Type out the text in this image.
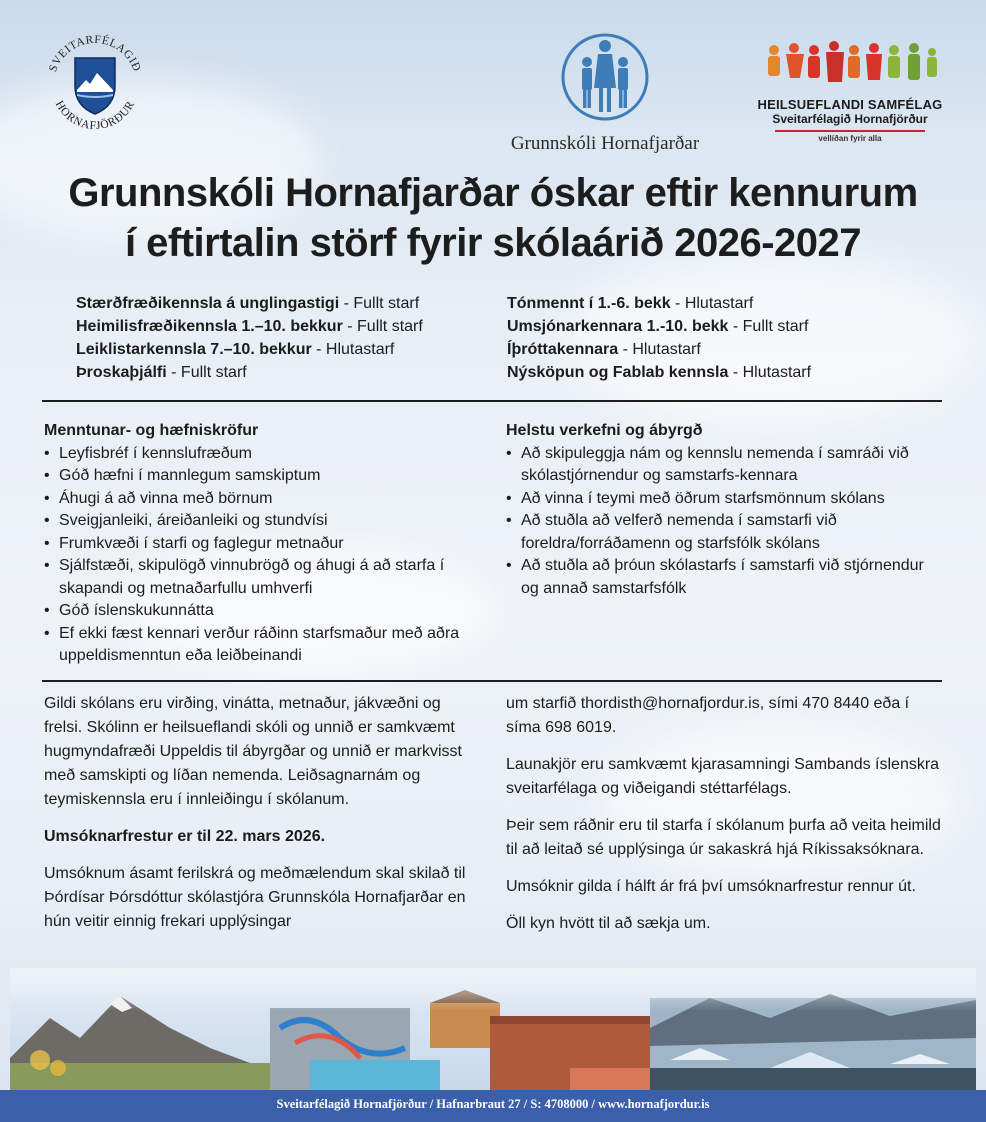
SVEITARFÉLAGIÐ
HORNAFJÖRÐUR
Grunnskóli Hornafjarðar
HEILSUEFLANDI SAMFÉLAG
Sveitarfélagið Hornafjörður
vellíðan fyrir alla
Grunnskóli Hornafjarðar óskar eftir kennurum
í eftirtalin störf fyrir skólaárið 2026-2027
Stærðfræðikennsla á unglingastigi - Fullt starf
Heimilisfræðikennsla 1.–10. bekkur - Fullt starf
Leiklistarkennsla 7.–10. bekkur - Hlutastarf
Þroskaþjálfi - Fullt starf
Tónmennt í 1.-6. bekk - Hlutastarf
Umsjónarkennara 1.-10. bekk - Fullt starf
Íþróttakennara - Hlutastarf
Nýsköpun og Fablab kennsla - Hlutastarf
Menntunar- og hæfniskröfur
• Leyfisbréf í kennslufræðum
• Góð hæfni í mannlegum samskiptum
• Áhugi á að vinna með börnum
• Sveigjanleiki, áreiðanleiki og stundvísi
• Frumkvæði í starfi og faglegur metnaður
• Sjálfstæði, skipulögð vinnubrögð og áhugi á að starfa í skapandi og metnaðarfullu umhverfi
• Góð íslenskukunnátta
• Ef ekki fæst kennari verður ráðinn starfsmaður með aðra uppeldismenntun eða leiðbeinandi
Helstu verkefni og ábyrgð
• Að skipuleggja nám og kennslu nemenda í samráði við skólastjórnendur og samstarfs-kennara
• Að vinna í teymi með öðrum starfsmönnum skólans
• Að stuðla að velferð nemenda í samstarfi við foreldra/forráðamenn og starfsfólk skólans
• Að stuðla að þróun skólastarfs í samstarfi við stjórnendur og annað samstarfsfólk

Gildi skólans eru virðing, vinátta, metnaður, jákvæðni og frelsi. Skólinn er heilsueflandi skóli og unnið er samkvæmt hugmyndafræði Uppeldis til ábyrgðar og unnið er markvisst með samskipti og líðan nemenda. Leiðsagnarnám og teymiskennsla eru í innleiðingu í skólanum.

Umsóknarfrestur er til 22. mars 2026.

Umsóknum ásamt ferilskrá og meðmælendum skal skilað til Þórdísar Þórsdóttur skólastjóra Grunnskóla Hornafjarðar en hún veitir einnig frekari upplýsingar

um starfið thordisth@hornafjordur.is, sími 470 8440 eða í síma 698 6019.

Launakjör eru samkvæmt kjarasamningi Sambands íslenskra sveitarfélaga og viðeigandi stéttarfélags.

Þeir sem ráðnir eru til starfa í skólanum þurfa að veita heimild til að leitað sé upplýsinga úr sakaskrá hjá Ríkissaksóknara.

Umsóknir gilda í hálft ár frá því umsóknarfrestur rennur út.

Öll kyn hvött til að sækja um.

Sveitarfélagið Hornafjörður / Hafnarbraut 27 / S: 4708000 / www.hornafjordur.is
